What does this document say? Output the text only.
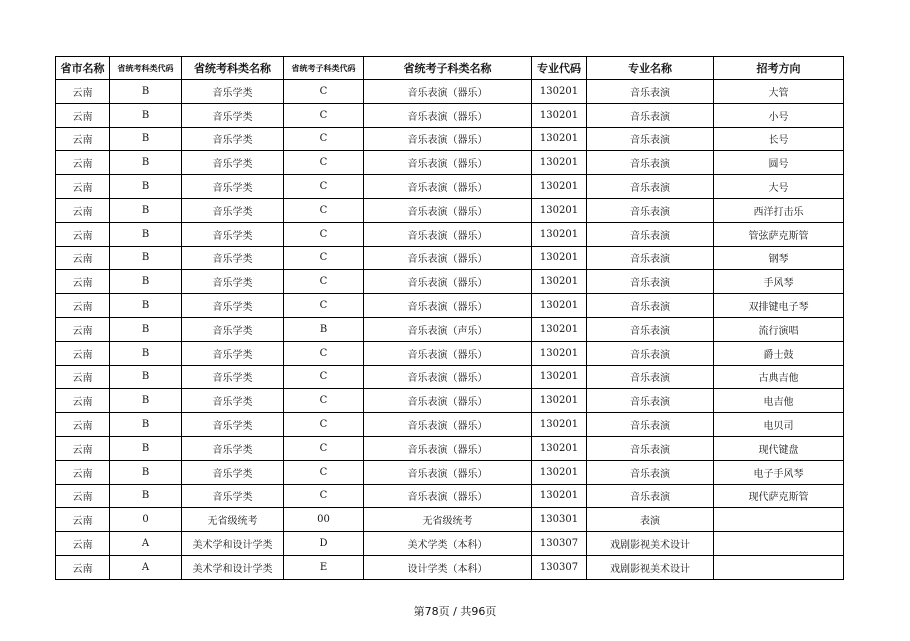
省市名称	省统考科类代码	省统考科类名称	省统考子科类代码	省统考子科类名称	专业代码	专业名称	招考方向
云南	B	音乐学类	C	音乐表演（器乐）	130201	音乐表演	大管
云南	B	音乐学类	C	音乐表演（器乐）	130201	音乐表演	小号
云南	B	音乐学类	C	音乐表演（器乐）	130201	音乐表演	长号
云南	B	音乐学类	C	音乐表演（器乐）	130201	音乐表演	圆号
云南	B	音乐学类	C	音乐表演（器乐）	130201	音乐表演	大号
云南	B	音乐学类	C	音乐表演（器乐）	130201	音乐表演	西洋打击乐
云南	B	音乐学类	C	音乐表演（器乐）	130201	音乐表演	管弦萨克斯管
云南	B	音乐学类	C	音乐表演（器乐）	130201	音乐表演	钢琴
云南	B	音乐学类	C	音乐表演（器乐）	130201	音乐表演	手风琴
云南	B	音乐学类	C	音乐表演（器乐）	130201	音乐表演	双排键电子琴
云南	B	音乐学类	B	音乐表演（声乐）	130201	音乐表演	流行演唱
云南	B	音乐学类	C	音乐表演（器乐）	130201	音乐表演	爵士鼓
云南	B	音乐学类	C	音乐表演（器乐）	130201	音乐表演	古典吉他
云南	B	音乐学类	C	音乐表演（器乐）	130201	音乐表演	电吉他
云南	B	音乐学类	C	音乐表演（器乐）	130201	音乐表演	电贝司
云南	B	音乐学类	C	音乐表演（器乐）	130201	音乐表演	现代键盘
云南	B	音乐学类	C	音乐表演（器乐）	130201	音乐表演	电子手风琴
云南	B	音乐学类	C	音乐表演（器乐）	130201	音乐表演	现代萨克斯管
云南	0	无省级统考	00	无省级统考	130301	表演	
云南	A	美术学和设计学类	D	美术学类（本科）	130307	戏剧影视美术设计	
云南	A	美术学和设计学类	E	设计学类（本科）	130307	戏剧影视美术设计	
第78页 / 共96页
